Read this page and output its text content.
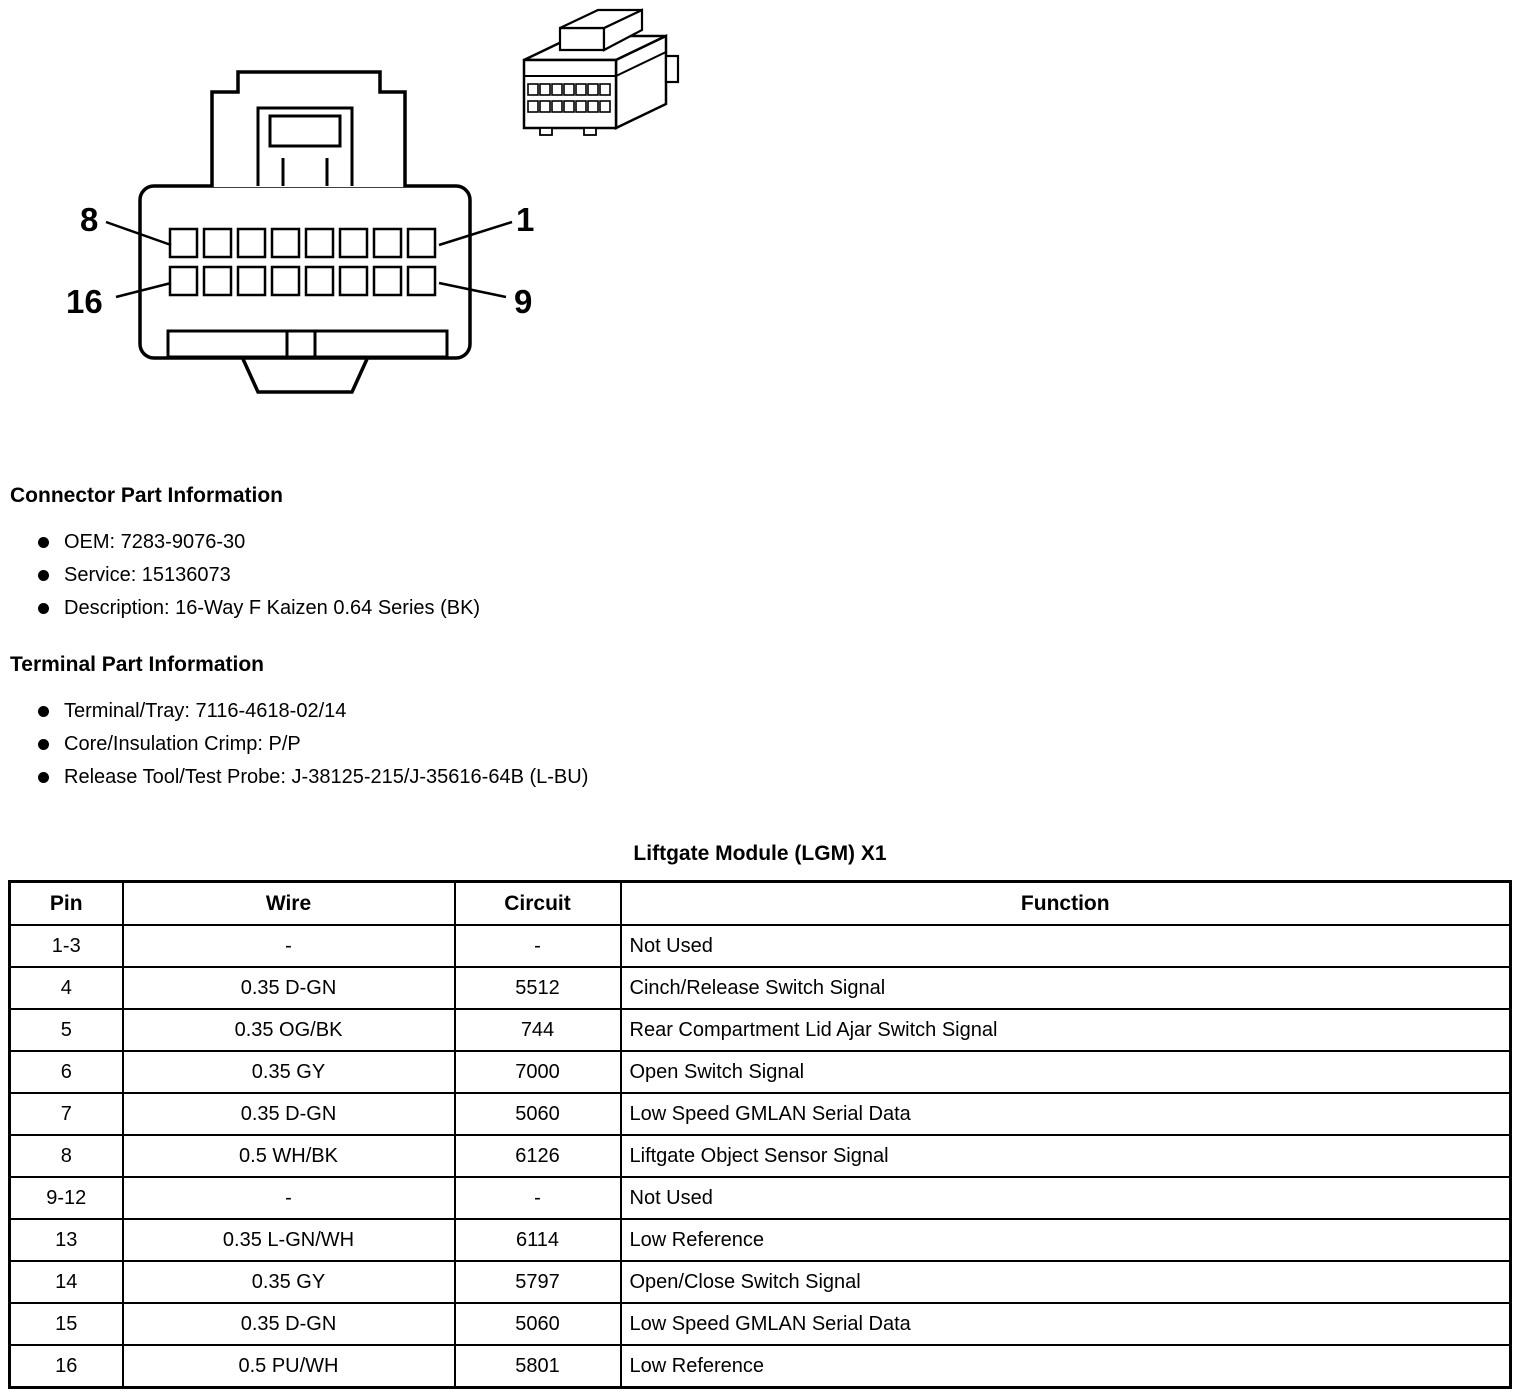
8	1
16	9
Connector Part Information
OEM: 7283-9076-30
Service: 15136073
Description: 16-Way F Kaizen 0.64 Series (BK)
Terminal Part Information
Terminal/Tray: 7116-4618-02/14
Core/Insulation Crimp: P/P
Release Tool/Test Probe: J-38125-215/J-35616-64B (L-BU)
Liftgate Module (LGM) X1
Pin	Wire	Circuit	Function
1-3	-	-	Not Used
4	0.35 D-GN	5512	Cinch/Release Switch Signal
5	0.35 OG/BK	744	Rear Compartment Lid Ajar Switch Signal
6	0.35 GY	7000	Open Switch Signal
7	0.35 D-GN	5060	Low Speed GMLAN Serial Data
8	0.5 WH/BK	6126	Liftgate Object Sensor Signal
9-12	-	-	Not Used
13	0.35 L-GN/WH	6114	Low Reference
14	0.35 GY	5797	Open/Close Switch Signal
15	0.35 D-GN	5060	Low Speed GMLAN Serial Data
16	0.5 PU/WH	5801	Low Reference
